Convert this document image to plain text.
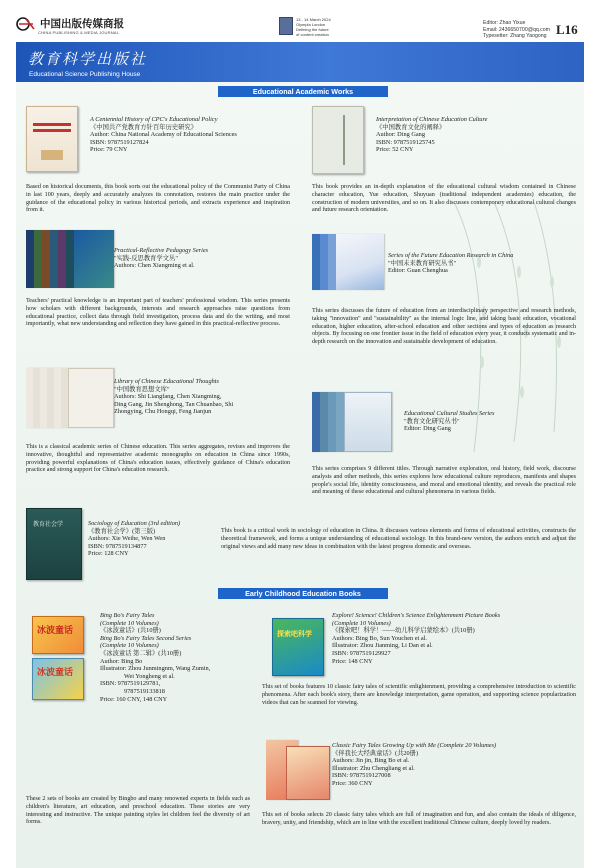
中国出版传媒商报
CHINA PUBLISHING & MEDIA JOURNAL
13 - 14 March 2024
Olympia London
Defining the future
of content creation
Editor: Zhao Yixue
Email: 2436650700@qq.com
Typesetter: Zhang Yaogong L16
教育科学出版社
Educational Science Publishing House
Educational Academic Works
A Centennial History of CPC's Educational Policy
《中国共产党教育方针百年历史研究》
Author: China National Academy of Educational Sciences
ISBN: 9787519127824
Price: 79 CNY
Based on historical documents, this book sorts out the educational policy of the Communist Party of China in last 100 years, deeply and accurately analyzes its connotation, restores the main practice under the guidance of the educational policy in various historical periods, and extracts experience and inspiration from it.
Interpretation of Chinese Education Culture
《中国教育文化的阐释》
Author: Ding Gang
ISBN: 9787519125745
Price: 52 CNY
This book provides an in-depth explanation of the educational cultural wisdom contained in Chinese character education, Yue education, Shuyuan (traditional independent academies) education, the construction of modern universities, and so on. It also discusses contemporary educational cultural changes and future research orientation.
Practical-Reflective Pedagogy Series
"实践-反思教育学文丛"
Authors: Chen Xiangming et al.
Teachers' practical knowledge is an important part of teachers' professional wisdom. This series presents how scholars with different backgrounds, interests and research approaches raise questions from educational practice, collect data through field investigation, process data and do the writing, and most importantly, what new understanding and reflection they have gained in this practical-reflective process.
Series of the Future Education Research in China
"中国未来教育研究丛书"
Editor: Guan Chenghua
This series discusses the future of education from an interdisciplinary perspective and research methods, taking "innovation" and "sustainability" as the internal logic line, and taking basic education, vocational education, higher education, after-school education and other sections and types of education as research objects. By focusing on one frontier issue in the field of education every year, it conducts systematic and in-depth research on the innovation and sustainable development of education.
Library of Chinese Educational Thoughts
"中国教育思想文库"
Authors: Shi Liangfang, Chen Xiangming,
Ding Gang, Jin Shenghong, Tan Chuanbao, Shi
Zhongying, Chu Hongqi, Feng Jianjun
This is a classical academic series of Chinese education. This series aggregates, revises and improves the innovative, thoughtful and representative academic monographs on education in China since 1990s, providing powerful explanations of China's education issues, effectively guidance of China's education practice and strong support for China's education research.
Educational Cultural Studies Series
"教育文化研究丛书"
Editor: Ding Gang
This series comprises 9 different titles. Through narrative exploration, oral history, field work, discourse analysis and other methods, this series explores how educational culture reproduces, manifests and shapes people's social life, identity consciousness, and moral and emotional identity, and reveals the practical role and meaning of these educational and cultural phenomena in various fields.
教育社会学	Sociology of Education (3rd edition)
《教育社会学》(第三版)
Authors: Xie Weihe, Wen Wen
ISBN: 9787519134877
Price: 128 CNY
This book is a critical work in sociology of education in China. It discusses various elements and forms of educational activities, constructs the theoretical framework, and forms a unique understanding of educational sociology. In this brand-new version, the authors enrich and adjust the original views and add many new ideas in combination with the latest progress domestic and overseas.
Early Childhood Education Books
冰波童话
冰波童话
Bing Bo's Fairy Tales
(Complete 10 Volumes)
《冰波童话》(共10册)
Bing Bo's Fairy Tales Second Series
(Complete 10 Volumes)
《冰波童话 第二辑》(共10册)
Author: Bing Bo
Illustrator: Zhou Junmingnm, Wang Zumin,
Wei Yongheng et al.
ISBN: 9787519129781,
9787519133818
Price: 160 CNY, 148 CNY
These 2 sets of books are created by Bingbo and many renowned experts in fields such as children's literature, art education, and preschool education. These stories are very interesting and instructive. The unique painting styles let children feel the diversity of art forms.
探索吧科学
Explore! Science! Children's Science Enlightenment Picture Books
(Complete 10 Volumes)
《探索吧！科学！——幼儿科学启蒙绘本》(共10册)
Authors: Bing Bo, Sun Youchen et al.
Illustrator: Zhou Jianming, Li Dan et al.
ISBN: 9787519129927
Price: 148 CNY
This set of books features 10 classic fairy tales of scientific enlightenment, providing a comprehensive introduction to scientific phenomena. After each book's story, there are knowledge interpretation, game operation, and supporting science popularization videos that can be scanned for viewing.
Classic Fairy Tales Growing Up with Me (Complete 20 Volumes)
《伴我长大经典童话》(共20册)
Authors: Jin jin, Bing Bo et al.
Illustrator: Zhu Chengliang et al.
ISBN: 9787519127008
Price: 360 CNY
This set of books selects 20 classic fairy tales which are full of imagination and fun, and also contain the ideals of diligence, bravery, unity, and friendship, which are in line with the excellent traditional Chinese culture, deeply loved by readers.
